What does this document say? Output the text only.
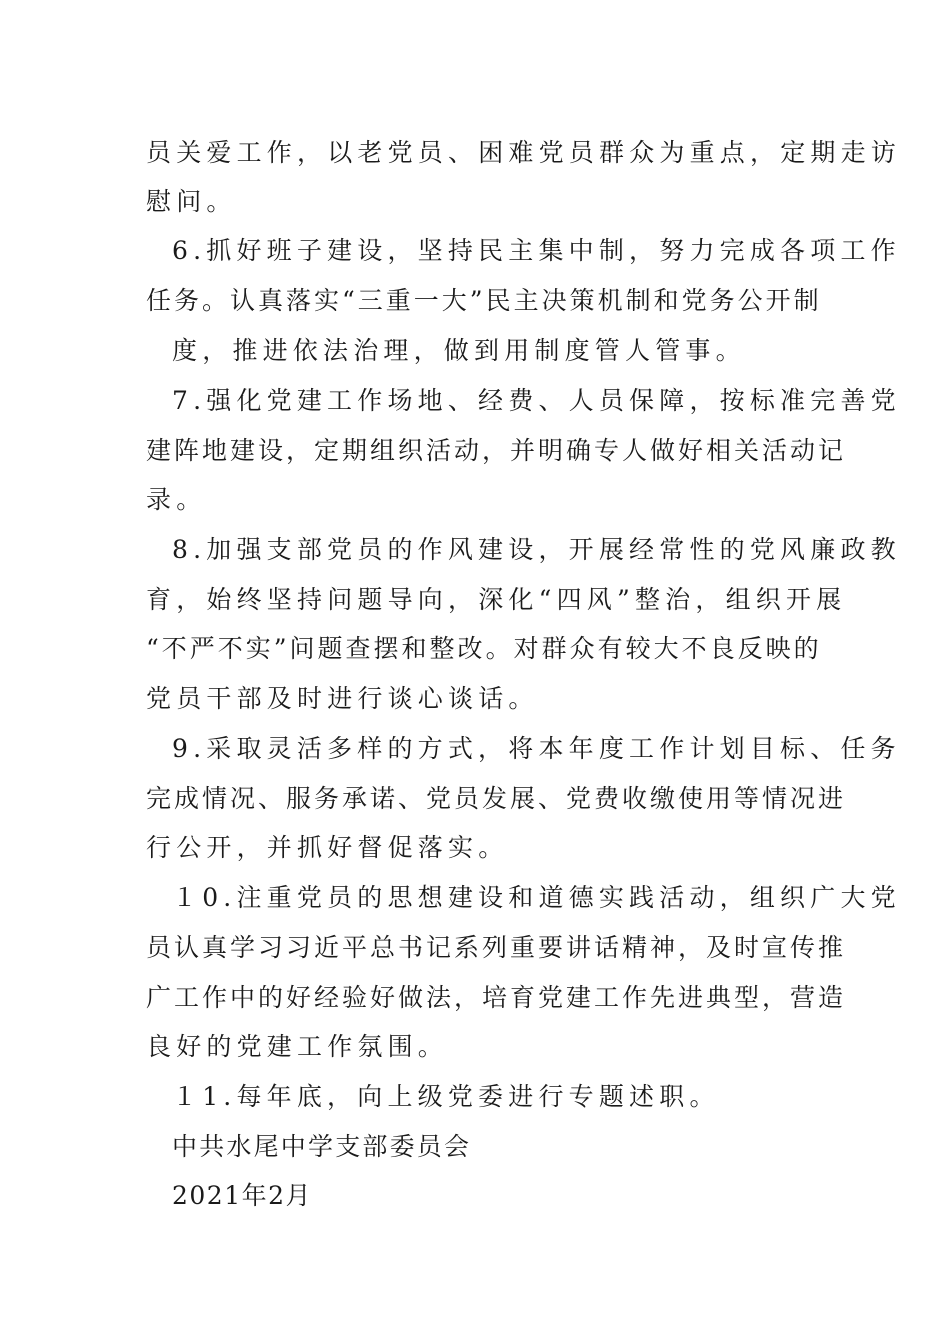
员关爱工作，以老党员、困难党员群众为重点，定期走访

慰问。

6.抓好班子建设，坚持民主集中制，努力完成各项工作

任务。认真落实“三重一大”民主决策机制和党务公开制

度，推进依法治理，做到用制度管人管事。

7.强化党建工作场地、经费、人员保障，按标准完善党

建阵地建设，定期组织活动，并明确专人做好相关活动记

录。

8.加强支部党员的作风建设，开展经常性的党风廉政教

育，始终坚持问题导向，深化“四风”整治，组织开展

“不严不实”问题查摆和整改。对群众有较大不良反映的

党员干部及时进行谈心谈话。

9.采取灵活多样的方式，将本年度工作计划目标、任务

完成情况、服务承诺、党员发展、党费收缴使用等情况进

行公开，并抓好督促落实。

１0.注重党员的思想建设和道德实践活动，组织广大党

员认真学习习近平总书记系列重要讲话精神，及时宣传推

广工作中的好经验好做法，培育党建工作先进典型，营造

良好的党建工作氛围。

１1.每年底，向上级党委进行专题述职。

中共水尾中学支部委员会

2021年2月
